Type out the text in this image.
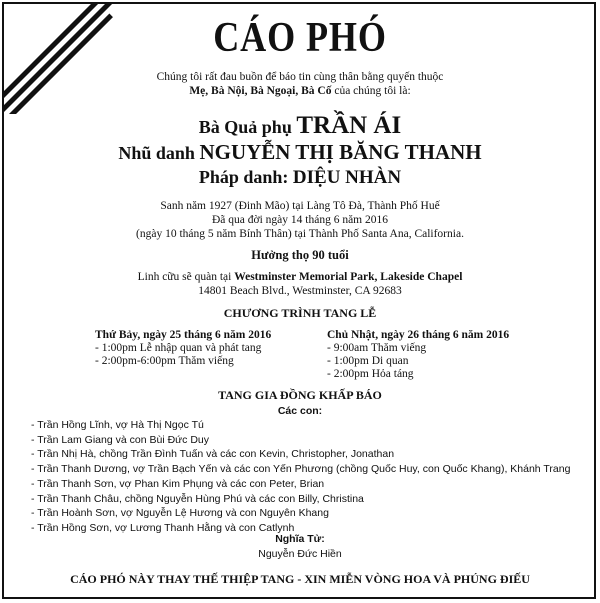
CÁO PHÓ
Chúng tôi rất đau buồn để báo tin cùng thân bằng quyến thuộc
Mẹ, Bà Nội, Bà Ngoại, Bà Cố của chúng tôi là:
Bà Quả phụ TRẦN ÁI
Nhũ danh NGUYỄN THỊ BĂNG THANH
Pháp danh: DIỆU NHÀN
Sanh năm 1927 (Đinh Mão) tại Làng Tô Đà, Thành Phố Huế
Đã qua đời ngày 14 tháng 6 năm 2016
(ngày 10 tháng 5 năm Bính Thân) tại Thành Phố Santa Ana, California.
Hưởng thọ 90 tuổi
Linh cữu sẽ quàn tại Westminster Memorial Park, Lakeside Chapel
14801 Beach Blvd., Westminster, CA 92683
CHƯƠNG TRÌNH TANG LỄ
Thứ Bảy, ngày 25 tháng 6 năm 2016
- 1:00pm Lễ nhập quan và phát tang
- 2:00pm-6:00pm Thăm viếng
Chủ Nhật, ngày 26 tháng 6 năm 2016
- 9:00am Thăm viếng
- 1:00pm Di quan
- 2:00pm Hỏa táng
TANG GIA ĐỒNG KHẤP BÁO
Các con:
- Trần Hồng Lĩnh, vợ Hà Thị Ngọc Tú
- Trần Lam Giang và con Bùi Đức Duy
- Trần Nhị Hà, chồng Trần Đình Tuấn và các con Kevin, Christopher, Jonathan
- Trần Thanh Dương, vợ Trần Bạch Yến và các con Yến Phương (chồng Quốc Huy, con Quốc Khang), Khánh Trang
- Trần Thanh Sơn, vợ Phan Kim Phụng và các con Peter, Brian
- Trần Thanh Châu, chồng Nguyễn Hùng Phú và các con Billy, Christina
- Trần Hoành Sơn, vợ Nguyễn Lệ Hương và con Nguyên Khang
- Trần Hồng Sơn, vợ Lương Thanh Hằng và con Catlynh
Nghĩa Tử:
Nguyễn Đức Hiền
CÁO PHÓ NÀY THAY THẾ THIỆP TANG - XIN MIỄN VÒNG HOA VÀ PHÚNG ĐIẾU
